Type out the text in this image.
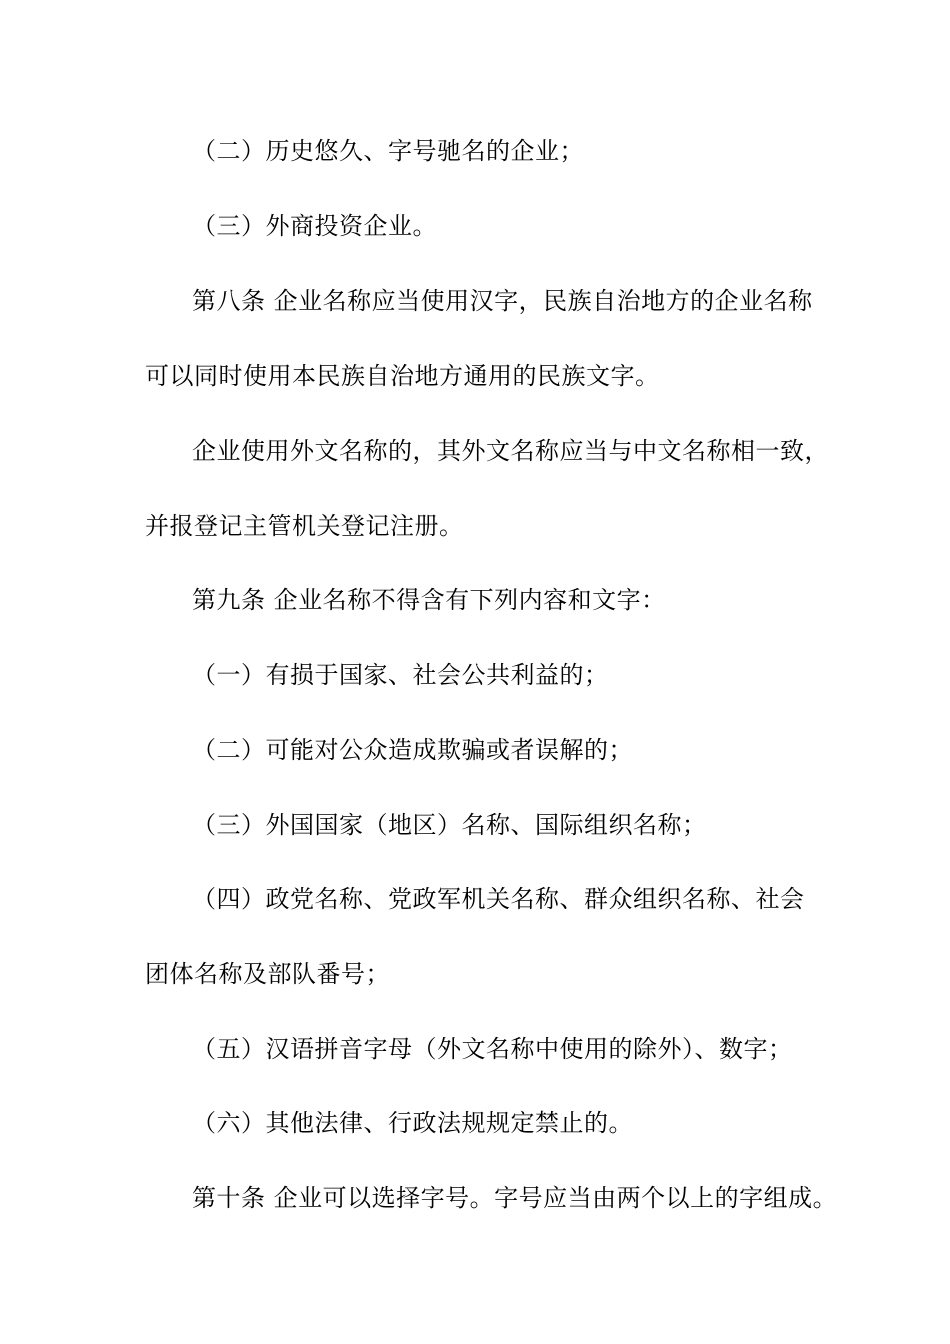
（二）历史悠久、字号驰名的企业；
（三）外商投资企业。
第八条 企业名称应当使用汉字，民族自治地方的企业名称
可以同时使用本民族自治地方通用的民族文字。
企业使用外文名称的，其外文名称应当与中文名称相一致，
并报登记主管机关登记注册。
第九条 企业名称不得含有下列内容和文字：
（一）有损于国家、社会公共利益的；
（二）可能对公众造成欺骗或者误解的；
（三）外国国家（地区）名称、国际组织名称；
（四）政党名称、党政军机关名称、群众组织名称、社会
团体名称及部队番号；
（五）汉语拼音字母（外文名称中使用的除外）、数字；
（六）其他法律、行政法规规定禁止的。
第十条 企业可以选择字号。字号应当由两个以上的字组成。
